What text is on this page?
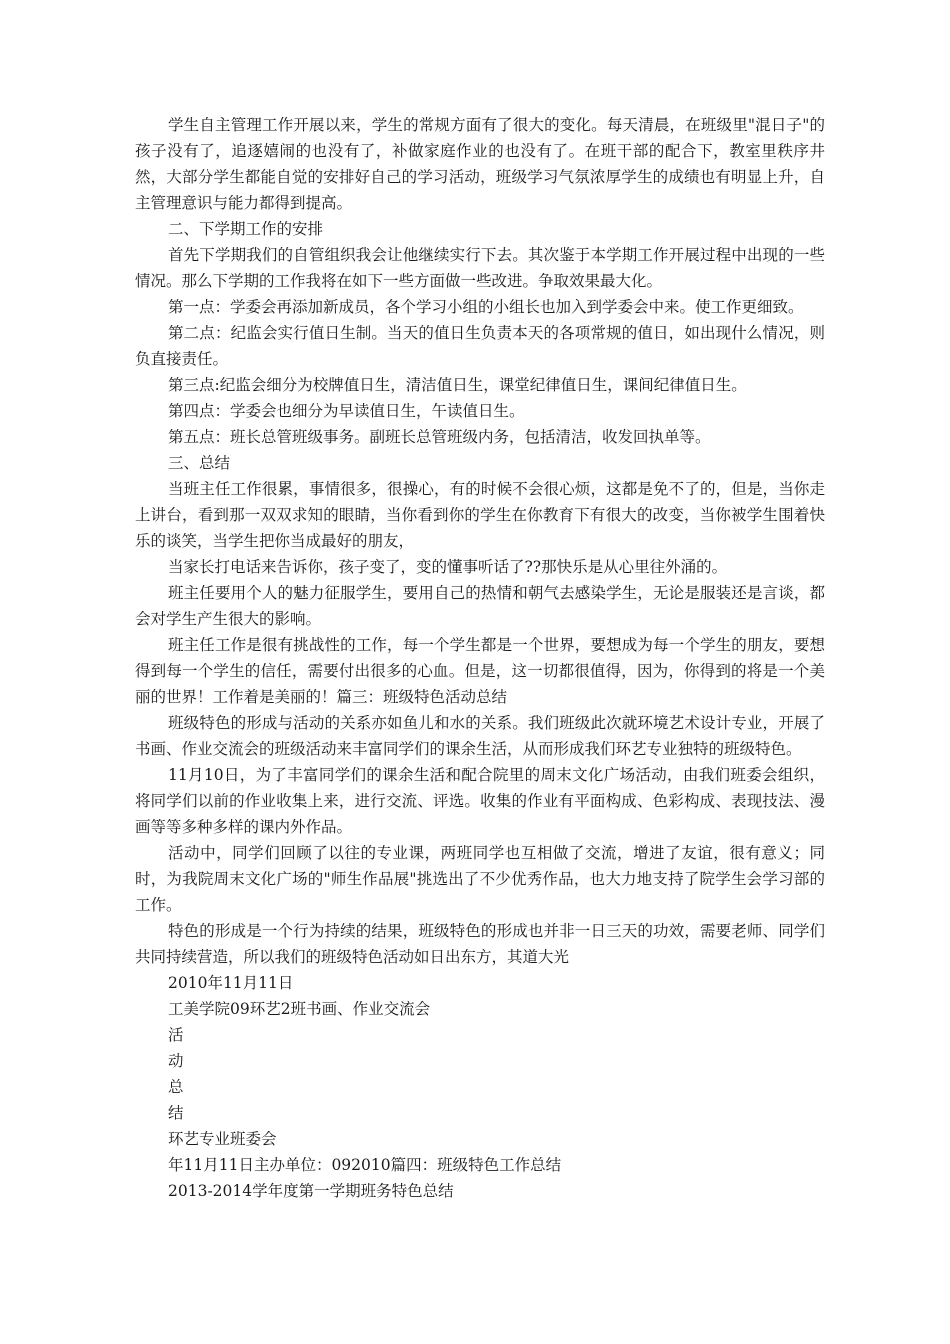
学生自主管理工作开展以来，学生的常规方面有了很大的变化。每天清晨，在班级里"混日子"的孩子没有了，追逐嬉闹的也没有了，补做家庭作业的也没有了。在班干部的配合下，教室里秩序井然，大部分学生都能自觉的安排好自己的学习活动，班级学习气氛浓厚学生的成绩也有明显上升，自主管理意识与能力都得到提高。

二、下学期工作的安排

首先下学期我们的自管组织我会让他继续实行下去。其次鉴于本学期工作开展过程中出现的一些情况。那么下学期的工作我将在如下一些方面做一些改进。争取效果最大化。

第一点：学委会再添加新成员，各个学习小组的小组长也加入到学委会中来。使工作更细致。

第二点：纪监会实行值日生制。当天的值日生负责本天的各项常规的值日，如出现什么情况，则负直接责任。

第三点:纪监会细分为校牌值日生，清洁值日生，课堂纪律值日生，课间纪律值日生。

第四点：学委会也细分为早读值日生，午读值日生。

第五点：班长总管班级事务。副班长总管班级内务，包括清洁，收发回执单等。

三、总结

当班主任工作很累，事情很多，很操心，有的时候不会很心烦，这都是免不了的，但是，当你走上讲台，看到那一双双求知的眼睛，当你看到你的学生在你教育下有很大的改变，当你被学生围着快乐的谈笑，当学生把你当成最好的朋友，

当家长打电话来告诉你，孩子变了，变的懂事听话了??那快乐是从心里往外涌的。

班主任要用个人的魅力征服学生，要用自己的热情和朝气去感染学生，无论是服装还是言谈，都会对学生产生很大的影响。

班主任工作是很有挑战性的工作，每一个学生都是一个世界，要想成为每一个学生的朋友，要想得到每一个学生的信任，需要付出很多的心血。但是，这一切都很值得，因为，你得到的将是一个美丽的世界！工作着是美丽的！篇三：班级特色活动总结

班级特色的形成与活动的关系亦如鱼儿和水的关系。我们班级此次就环境艺术设计专业，开展了书画、作业交流会的班级活动来丰富同学们的课余生活，从而形成我们环艺专业独特的班级特色。

11月10日，为了丰富同学们的课余生活和配合院里的周末文化广场活动，由我们班委会组织，将同学们以前的作业收集上来，进行交流、评选。收集的作业有平面构成、色彩构成、表现技法、漫画等等多种多样的课内外作品。

活动中，同学们回顾了以往的专业课，两班同学也互相做了交流，增进了友谊，很有意义；同时，为我院周末文化广场的"师生作品展"挑选出了不少优秀作品，也大力地支持了院学生会学习部的工作。

特色的形成是一个行为持续的结果，班级特色的形成也并非一日三天的功效，需要老师、同学们共同持续营造，所以我们的班级特色活动如日出东方，其道大光

2010年11月11日

工美学院09环艺2班书画、作业交流会

活

动

总

结

环艺专业班委会

年11月11日主办单位：092010篇四：班级特色工作总结

2013-2014学年度第一学期班务特色总结
